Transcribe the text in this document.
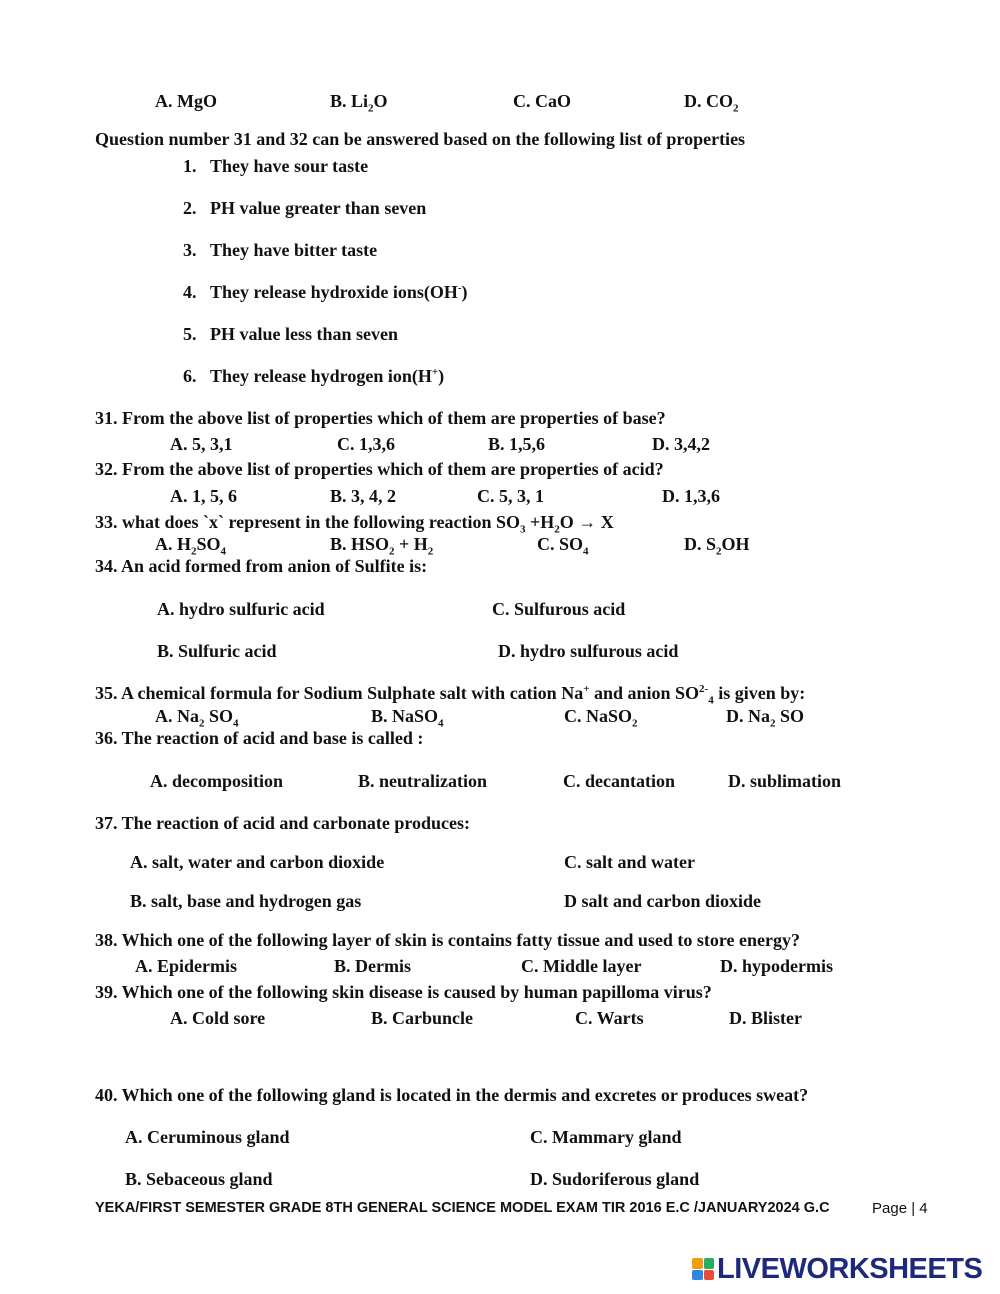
A. MgO	B. $Li_2O$	C. CaO	D. $CO_2$
Question number 31 and 32 can be answered based on the following list of properties
1. They have sour taste
2. PH value greater than seven
3. They have bitter taste
4. They release hydroxide ions(OH-)
5. PH value less than seven
6. They release hydrogen ion(H+)
31. From the above list of properties which of them are properties of base?
A. 5, 3,1	C. 1,3,6	B. 1,5,6	D. 3,4,2
32. From the above list of properties which of them are properties of acid?
A. 1, 5, 6	B. 3, 4, 2	C. 5, 3, 1	D. 1,3,6
33. what does `x` represent in the following reaction $SO_3 +H_2O \to X$
A. $H_2SO_4$	B. $HSO_2 + H_2$	C. $SO_4$	D. $S_2OH$
34. An acid formed from anion of Sulfite is:
A. hydro sulfuric acid	C. Sulfurous acid
B. Sulfuric acid	D. hydro sulfurous acid
35. A chemical formula for Sodium Sulphate salt with cation Na+ and anion $SO^{2-}_4$ is given by:
A. $Na_2$ $SO_4$	B. NaSO$_4$	C. NaSO$_2$	D. $Na_2$ SO
36. The reaction of acid and base is called :
A. decomposition	B. neutralization	C. decantation	D. sublimation
37. The reaction of acid and carbonate produces:
A. salt, water and carbon dioxide	C. salt and water
B. salt, base and hydrogen gas	D salt and carbon dioxide
38. Which one of the following layer of skin is contains fatty tissue and used to store energy?
A. Epidermis	B. Dermis	C. Middle layer	D. hypodermis
39. Which one of the following skin disease is caused by human papilloma virus?
A. Cold sore	B. Carbuncle	C. Warts	D. Blister
40. Which one of the following gland is located in the dermis and excretes or produces sweat?
A. Ceruminous gland	C. Mammary gland
B. Sebaceous gland	D. Sudoriferous gland
YEKA/FIRST SEMESTER GRADE 8TH GENERAL SCIENCE MODEL EXAM TIR 2016 E.C /JANUARY2024 G.C	Page | 4
LIVEWORKSHEETS
